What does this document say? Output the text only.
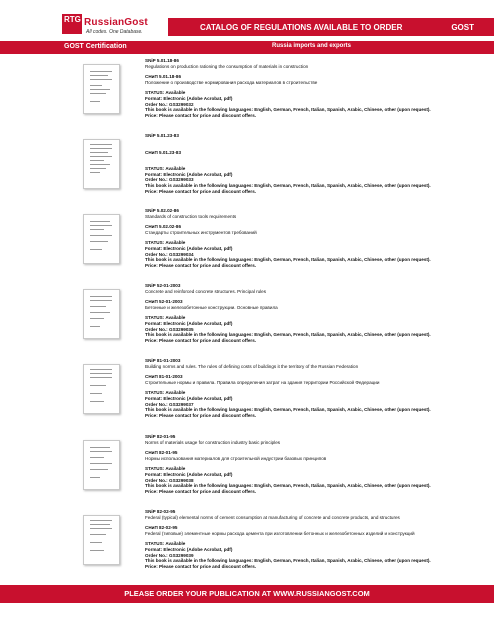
RTG RussianGost
All codes. One Database.	CATALOG OF REGULATIONS AVAILABLE TO ORDER	GOST
GOST Certification	Russia imports and exports
SNiP 5.01.18-86
Regulations on production rationing the consumption of materials in construction
СНиП 5.01.18-86
Положение о производстве нормирования расхода материалов в строительстве
STATUS: Available
Format: Electronic (Adobe Acrobat, pdf)
Order No.: GS3299032
This book is available in the following languages: English, German, French, Italian, Spanish, Arabic, Chinese, other (upon request).
Price: Please contact for price and discount offers.
SNiP 5.01.23-83
СНиП 5.01.23-83
STATUS: Available
Format: Electronic (Adobe Acrobat, pdf)
Order No.: GS3299033
This book is available in the following languages: English, German, French, Italian, Spanish, Arabic, Chinese, other (upon request).
Price: Please contact for price and discount offers.
SNiP 5.02.02-86
Standards of construction tools requirements
СНиП 5.02.02-86
Стандарты строительных инструментов требований
STATUS: Available
Format: Electronic (Adobe Acrobat, pdf)
Order No.: GS3299034
This book is available in the following languages: English, German, French, Italian, Spanish, Arabic, Chinese, other (upon request).
Price: Please contact for price and discount offers.
SNiP 52-01-2003
Concrete and reinforced concrete structures. Principal rules
СНиП 52-01-2003
Бетонные и железобетонные конструкции. Основные правила
STATUS: Available
Format: Electronic (Adobe Acrobat, pdf)
Order No.: GS3299035
This book is available in the following languages: English, German, French, Italian, Spanish, Arabic, Chinese, other (upon request).
Price: Please contact for price and discount offers.
SNiP 81-01-2003
Building norms and rules. The rules of defining costs of buildings it the territory of the Russian Federation
СНиП 81-01-2003
Строительные нормы и правила. Правила определения затрат на здания территории Российской Федерации
STATUS: Available
Format: Electronic (Adobe Acrobat, pdf)
Order No.: GS3299037
This book is available in the following languages: English, German, French, Italian, Spanish, Arabic, Chinese, other (upon request).
Price: Please contact for price and discount offers.
SNiP 82-01-95
Norms of materials usage for construction industry basic principles
СНиП 82-01-95
Нормы использования материалов для строительной индустрии базовых принципов
STATUS: Available
Format: Electronic (Adobe Acrobat, pdf)
Order No.: GS3299038
This book is available in the following languages: English, German, French, Italian, Spanish, Arabic, Chinese, other (upon request).
Price: Please contact for price and discount offers.
SNiP 82-02-95
Federal (typical) elemental norms of cement consumption at manufacturing of concrete and concrete products, and structures
СНиП 82-02-95
Federal (типовые) элементные нормы расхода цемента при изготовлении бетонных и железобетонных изделий и конструкций
STATUS: Available
Format: Electronic (Adobe Acrobat, pdf)
Order No.: GS3299039
This book is available in the following languages: English, German, French, Italian, Spanish, Arabic, Chinese, other (upon request).
Price: Please contact for price and discount offers.
PLEASE ORDER YOUR PUBLICATION AT WWW.RUSSIANGOST.COM
